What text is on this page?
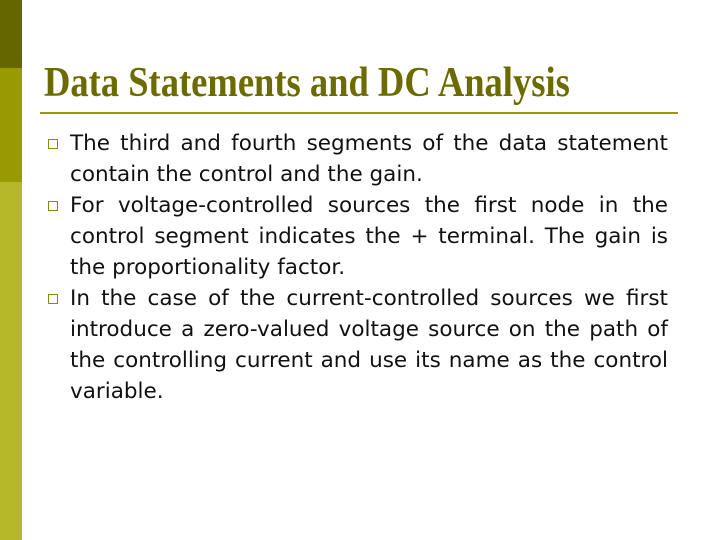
Data Statements and DC Analysis
The third and fourth segments of the data statement contain the control and the gain.
For voltage-controlled sources the first node in the control segment indicates the + terminal. The gain is the proportionality factor.
In the case of the current-controlled sources we first introduce a zero-valued voltage source on the path of the controlling current and use its name as the control variable.
